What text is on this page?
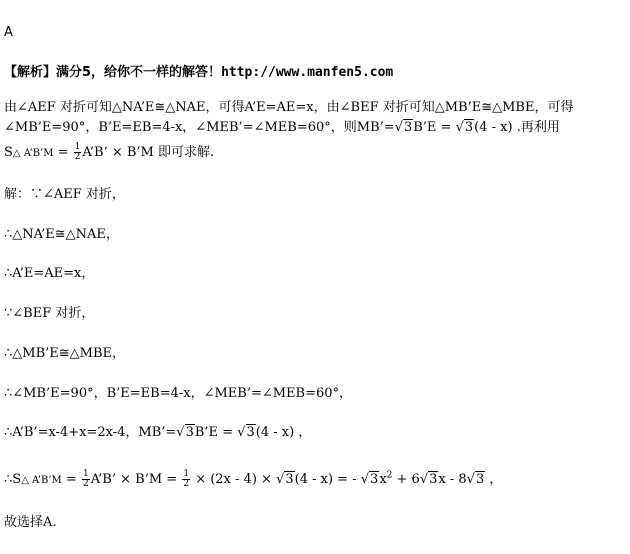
A
【解析】满分5，给你不一样的解答！http://www.manfen5.com
由∠AEF 对折可知△NA’E≅△NAE，可得A’E=AE=x，由∠BEF 对折可知△MB’E≅△MBE，可得
∠MB’E=90°，B’E=EB=4-x，∠MEB’=∠MEB=60°，则MB’=√3B’E = √3(4 - x) .再利用
S△ A’B’M = $\frac{1}{2}$ A’B’ × B’M 即可求解.
解：∵∠AEF 对折，
∴△NA’E≅△NAE，
∴A’E=AE=x，
∵∠BEF 对折，
∴△MB’E≅△MBE，
∴∠MB’E=90°，B’E=EB=4-x，∠MEB’=∠MEB=60°，
∴A’B’=x-4+x=2x-4，MB’=√3B’E = √3(4 - x) ，
∴S△ A’B’M = $\frac{1}{2}$ A’B’ × B’M = $\frac{1}{2} \times (2x - 4) \times √3(4 - x)$ = - $√3x^2 + 6√3x - 8√3$ ，
故选择A.
